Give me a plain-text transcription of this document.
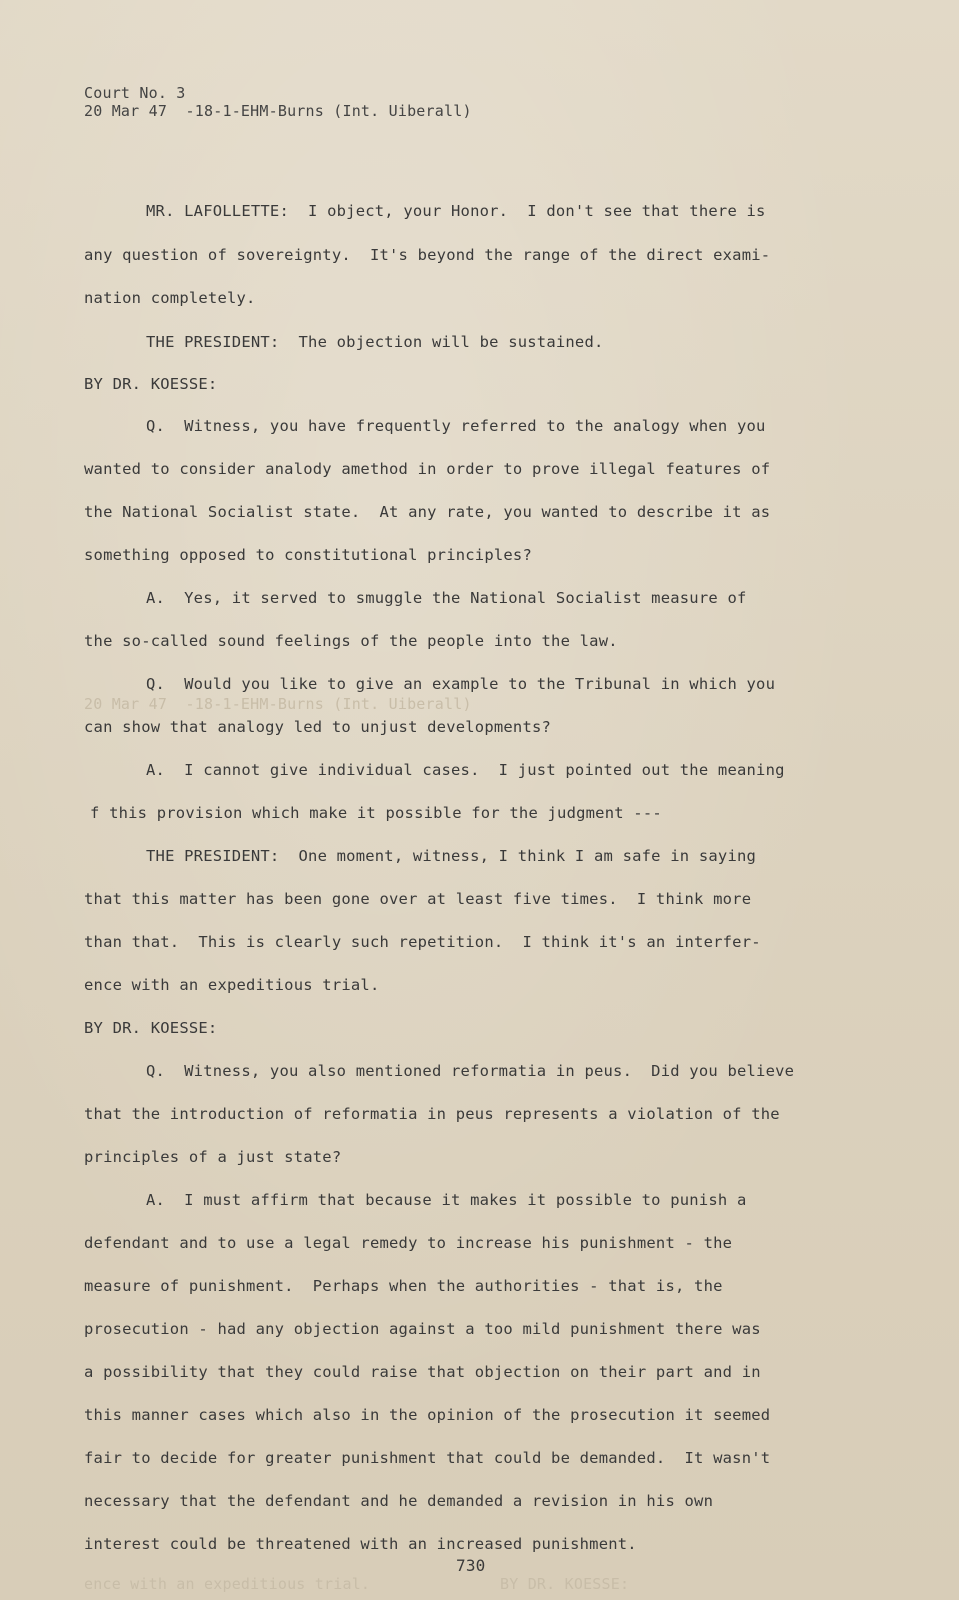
Court No. 3

20 Mar 47  -18-1-EHM-Burns (Int. Uiberall)

MR. LAFOLLETTE:  I object, your Honor.  I don't see that there is

any question of sovereignty.  It's beyond the range of the direct exami-

nation completely.

THE PRESIDENT:  The objection will be sustained.

BY DR. KOESSE:

Q.  Witness, you have frequently referred to the analogy when you

wanted to consider analody amethod in order to prove illegal features of

the National Socialist state.  At any rate, you wanted to describe it as

something opposed to constitutional principles?

A.  Yes, it served to smuggle the National Socialist measure of

the so-called sound feelings of the people into the law.

Q.  Would you like to give an example to the Tribunal in which you

can show that analogy led to unjust developments?

A.  I cannot give individual cases.  I just pointed out the meaning

f this provision which make it possible for the judgment ---

THE PRESIDENT:  One moment, witness, I think I am safe in saying

that this matter has been gone over at least five times.  I think more

than that.  This is clearly such repetition.  I think it's an interfer-

ence with an expeditious trial.

BY DR. KOESSE:

Q.  Witness, you also mentioned reformatia in peus.  Did you believe

that the introduction of reformatia in peus represents a violation of the

principles of a just state?

A.  I must affirm that because it makes it possible to punish a

defendant and to use a legal remedy to increase his punishment - the

measure of punishment.  Perhaps when the authorities - that is, the

prosecution - had any objection against a too mild punishment there was

a possibility that they could raise that objection on their part and in

this manner cases which also in the opinion of the prosecution it seemed

fair to decide for greater punishment that could be demanded.  It wasn't

necessary that the defendant and he demanded a revision in his own

interest could be threatened with an increased punishment.

730

20 Mar 47  -18-1-EHM-Burns (Int. Uiberall)

ence with an expeditious trial.	BY DR. KOESSE:
